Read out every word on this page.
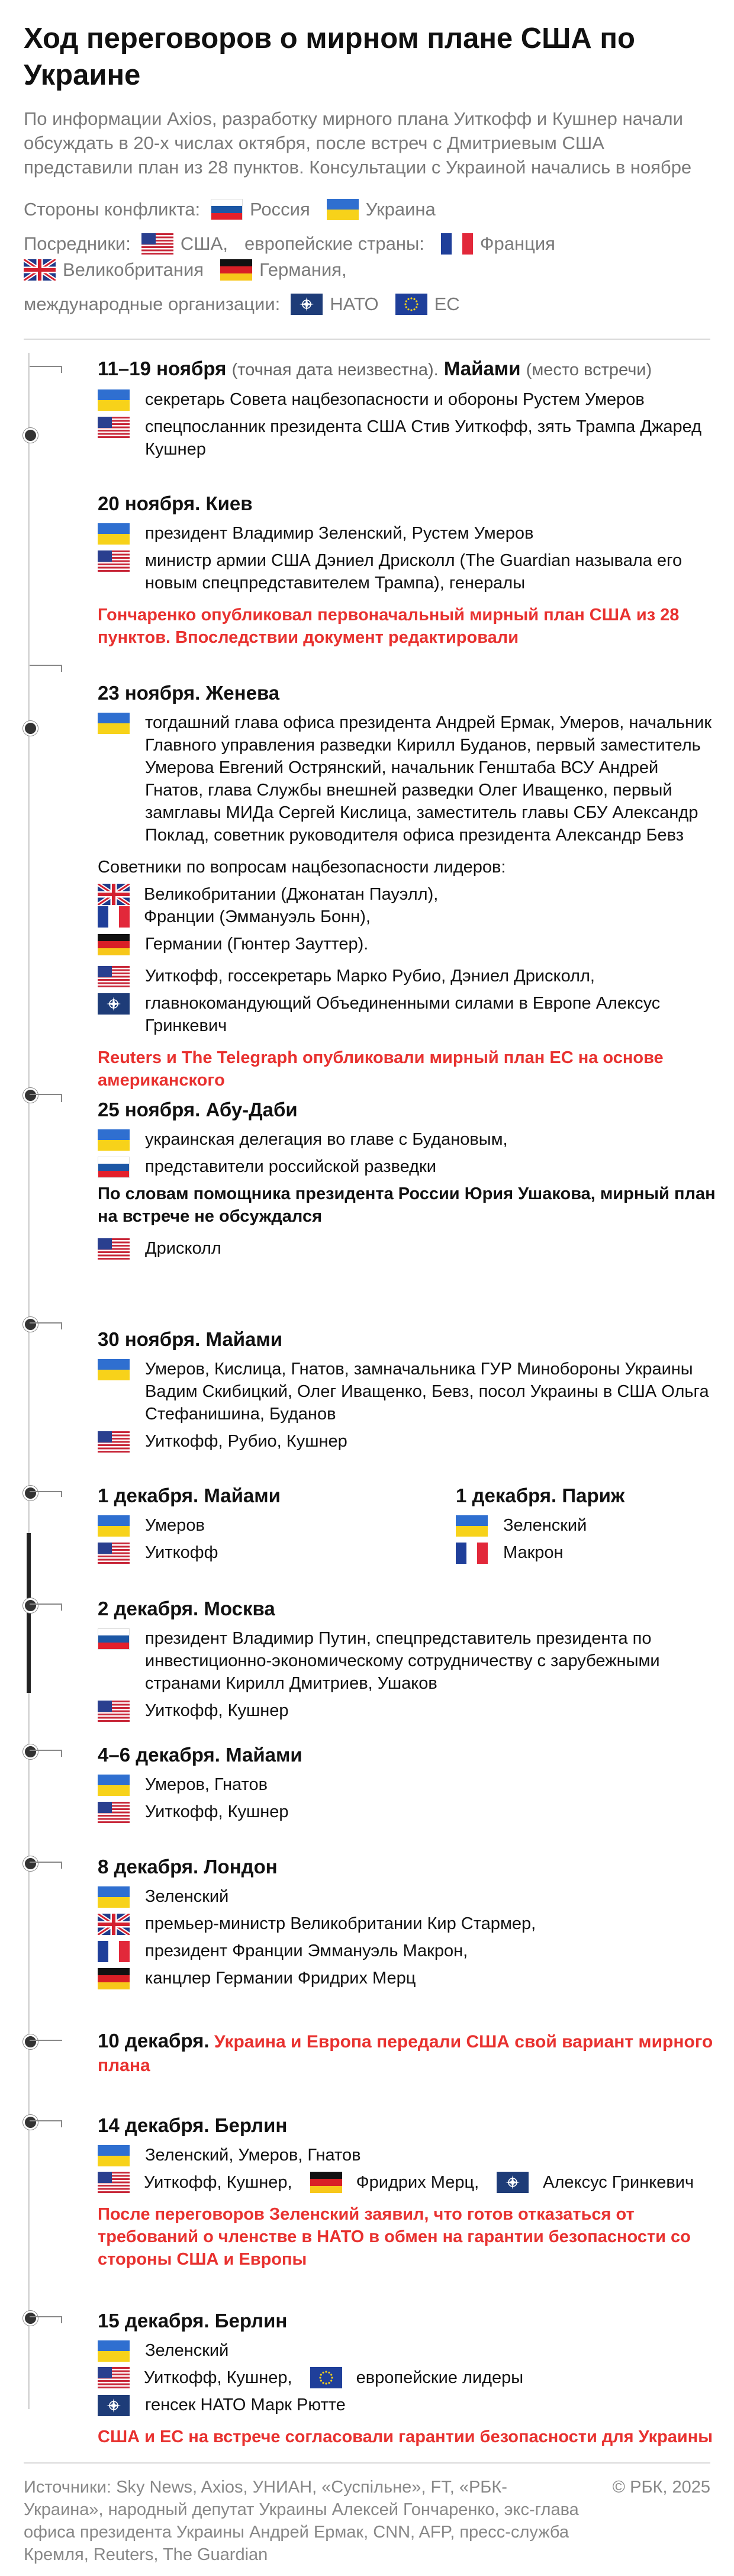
Ход переговоров о мирном плане США по Украине
По информации Axios, разработку мирного плана Уиткофф и Кушнер начали обсуждать в 20-х числах октября, после встреч с Дмитриевым США представили план из 28 пунктов. Консультации с Украиной начались в ноябре
Стороны конфликта:	Россия	Украина
Посредники:	США, европейские страны:	Франция
Великобритания	Германия,
международные организации:	НАТО	ЕС
11–19 ноября (точная дата неизвестна). Майами (место встречи)
секретарь Совета нацбезопасности и обороны Рустем Умеров
спецпосланник президента США Стив Уиткофф, зять Трампа Джаред Кушнер
20 ноября. Киев
президент Владимир Зеленский, Рустем Умеров
министр армии США Дэниел Дрисколл (The Guardian называла его новым спецпредставителем Трампа), генералы
Гончаренко опубликовал первоначальный мирный план США из 28 пунктов. Впоследствии документ редактировали
23 ноября. Женева
тогдашний глава офиса президента Андрей Ермак, Умеров, начальник Главного управления разведки Кирилл Буданов, первый заместитель Умерова Евгений Острянский, начальник Генштаба ВСУ Андрей Гнатов, глава Службы внешней разведки Олег Иващенко, первый замглавы МИДа Сергей Кислица, заместитель главы СБУ Александр Поклад, советник руководителя офиса президента Александр Бевз
Советники по вопросам нацбезопасности лидеров:
Великобритании (Джонатан Пауэлл),
Франции (Эммануэль Бонн),
Германии (Гюнтер Зауттер).
Уиткофф, госсекретарь Марко Рубио, Дэниел Дрисколл,
главнокомандующий Объединенными силами в Европе Алексус Гринкевич
Reuters и The Telegraph опубликовали мирный план ЕС на основе американского
25 ноября. Абу-Даби
украинская делегация во главе с Будановым,
представители российской разведки
По словам помощника президента России Юрия Ушакова, мирный план на встрече не обсуждался
Дрисколл
30 ноября. Майами
Умеров, Кислица, Гнатов, замначальника ГУР Минобороны Украины Вадим Скибицкий, Олег Иващенко, Бевз, посол Украины в США Ольга Стефанишина, Буданов
Уиткофф, Рубио, Кушнер
1 декабря. Майами
Умеров
Уиткофф
1 декабря. Париж
Зеленский
Макрон
2 декабря. Москва
президент Владимир Путин, спецпредставитель президента по инвестиционно-экономическому сотрудничеству с зарубежными странами Кирилл Дмитриев, Ушаков
Уиткофф, Кушнер
4–6 декабря. Майами
Умеров, Гнатов
Уиткофф, Кушнер
8 декабря. Лондон
Зеленский
премьер-министр Великобритании Кир Стармер,
президент Франции Эммануэль Макрон,
канцлер Германии Фридрих Мерц
10 декабря. Украина и Европа передали США свой вариант мирного плана
14 декабря. Берлин
Зеленский, Умеров, Гнатов
Уиткофф, Кушнер,	Фридрих Мерц,	Алексус Гринкевич
После переговоров Зеленский заявил, что готов отказаться от требований о членстве в НАТО в обмен на гарантии безопасности со стороны США и Европы
15 декабря. Берлин
Зеленский
Уиткофф, Кушнер,	европейские лидеры
генсек НАТО Марк Рютте
США и ЕС на встрече согласовали гарантии безопасности для Украины
Источники: Sky News, Axios, УНИАН, «Суспільне», FT, «РБК-Украина», народный депутат Украины Алексей Гончаренко, экс-глава офиса президента Украины Андрей Ермак, CNN, AFP, пресс-служба Кремля, Reuters, The Guardian
© РБК, 2025
